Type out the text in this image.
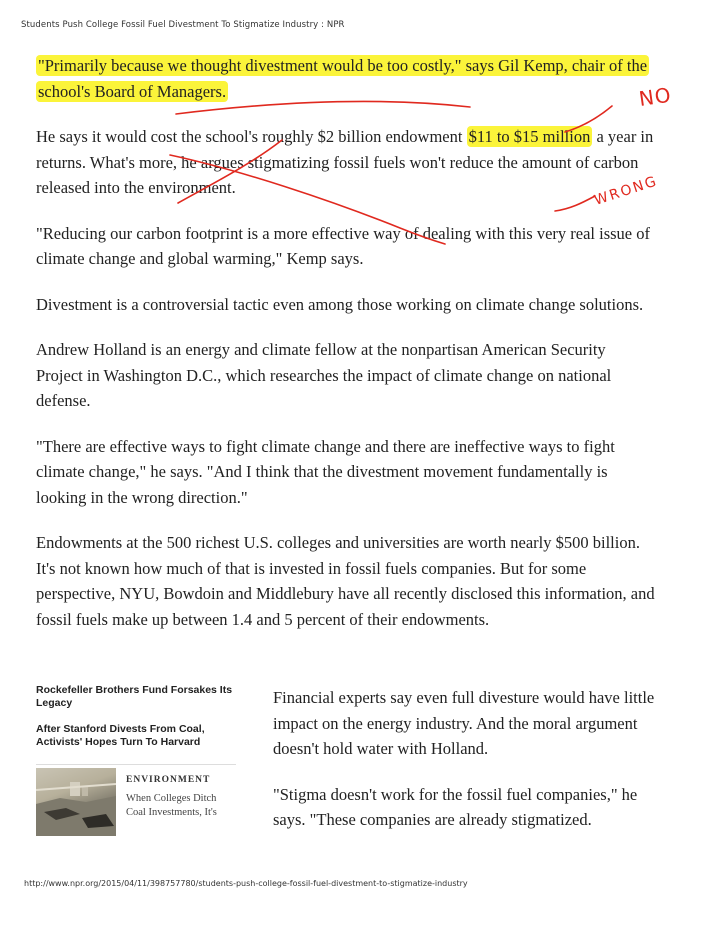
Students Push College Fossil Fuel Divestment To Stigmatize Industry : NPR

"Primarily because we thought divestment would be too costly," says Gil Kemp, chair of the school's Board of Managers.

He says it would cost the school's roughly $2 billion endowment $11 to $15 million a year in returns. What's more, he argues stigmatizing fossil fuels won't reduce the amount of carbon released into the environment.

"Reducing our carbon footprint is a more effective way of dealing with this very real issue of climate change and global warming," Kemp says.

Divestment is a controversial tactic even among those working on climate change solutions.

Andrew Holland is an energy and climate fellow at the nonpartisan American Security Project in Washington D.C., which researches the impact of climate change on national defense.

"There are effective ways to fight climate change and there are ineffective ways to fight climate change," he says. "And I think that the divestment movement fundamentally is looking in the wrong direction."

Endowments at the 500 richest U.S. colleges and universities are worth nearly $500 billion. It's not known how much of that is invested in fossil fuels companies. But for some perspective, NYU, Bowdoin and Middlebury have all recently disclosed this information, and fossil fuels make up between 1.4 and 5 percent of their endowments.

Rockefeller Brothers Fund Forsakes Its Legacy
After Stanford Divests From Coal, Activists' Hopes Turn To Harvard
ENVIRONMENT
When Colleges Ditch Coal Investments, It's

Financial experts say even full divesture would have little impact on the energy industry. And the moral argument doesn't hold water with Holland.

"Stigma doesn't work for the fossil fuel companies," he says. "These companies are already stigmatized.

NO
WRONG
http://www.npr.org/2015/04/11/398757780/students-push-college-fossil-fuel-divestment-to-stigmatize-industry
